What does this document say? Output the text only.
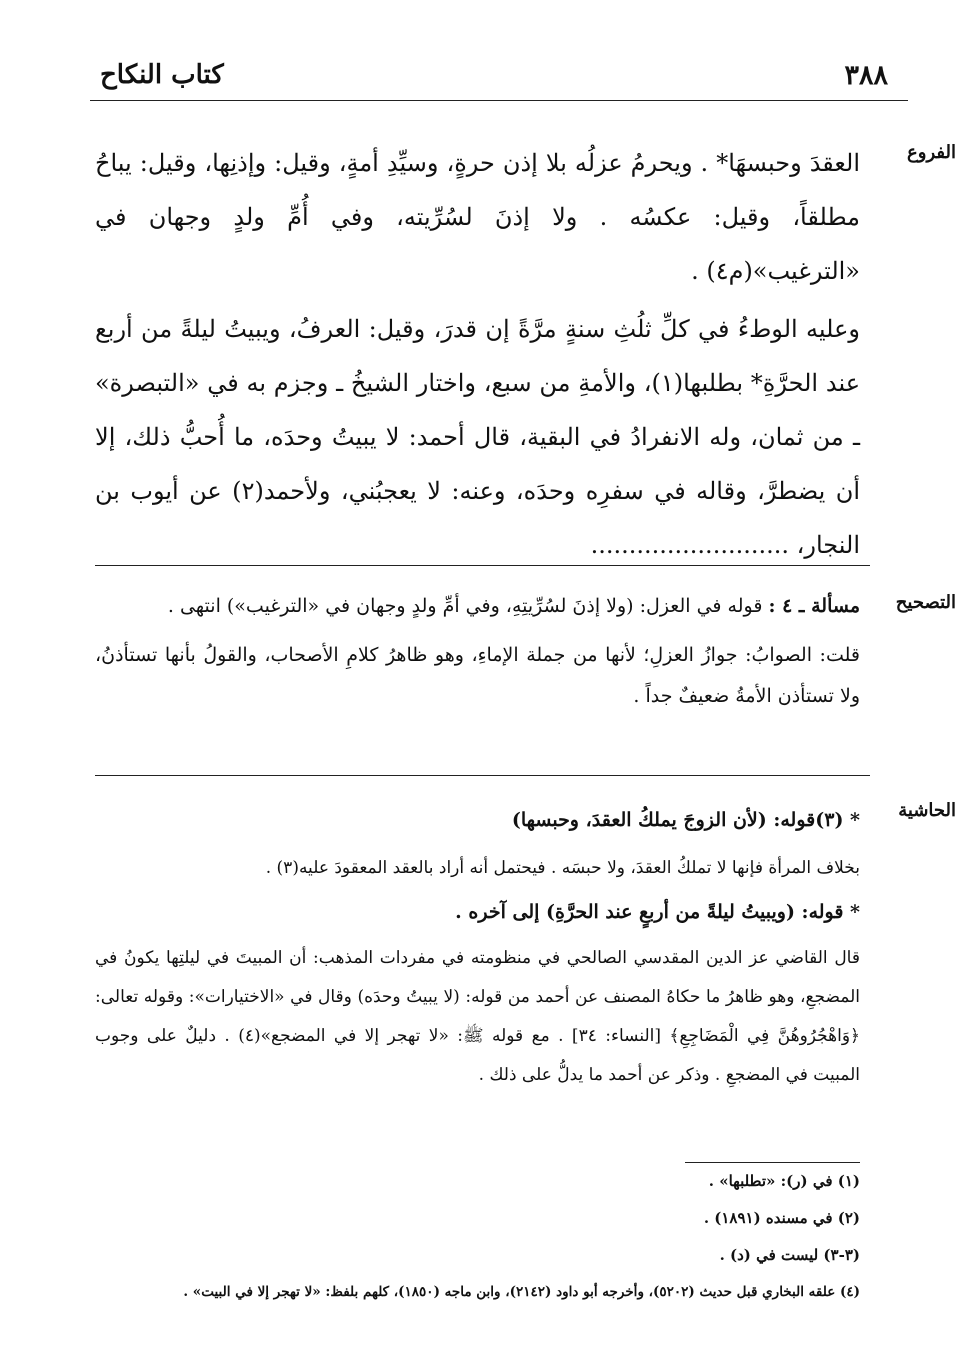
٣٨٨
كتاب النكاح
الفروع

العقدَ وحبسهَا* . ويحرمُ عزلُه بلا إذن حرةٍ، وسيِّدِ أمةٍ، وقيل: وإذنِها، وقيل: يباحُ مطلقاً، وقيل: عكسُه . ولا إذنَ لسُرِّيته، وفي أُمِّ ولدٍ وجهان في «الترغيب»(م٤) .

وعليه الوطءُ في كلِّ ثلُثِ سنةٍ مرَّةً إن قدرَ، وقيل: العرفُ، ويبيتُ ليلةً من أربع عند الحرَّةِ* بطلبها(١)، والأمةِ من سبع، واختار الشيخُ ـ وجزم به في «التبصرة» ـ من ثمان، وله الانفرادُ في البقية، قال أحمد: لا يبيتُ وحدَه، ما أُحبُّ ذلك، إلا أن يضطرَّ، وقاله في سفرِه وحدَه، وعنه: لا يعجبُني، ولأحمد(٢) عن أيوب بن النجار، ..........................

التصحيح

مسألة ـ ٤ : قوله في العزل: (ولا إذنَ لسُرِّيتِهِ، وفي أمِّ ولدٍ وجهان في «الترغيب») انتهى .

قلت: الصوابُ: جوازُ العزلِ؛ لأنها من جملة الإماءِ، وهو ظاهرُ كلامِ الأصحاب، والقولُ بأنها تستأذنُ، ولا تستأذن الأمةُ ضعيفٌ جداً .

الحاشية

* (٣)قوله: (لأن الزوجَ يملكُ العقدَ، وحبسها)

بخلاف المرأة فإنها لا تملكُ العقدَ، ولا حبسَه . فيحتمل أنه أراد بالعقد المعقودَ عليه(٣) .

* قوله: (ويبيتُ ليلةً من أربعٍ عند الحرَّةِ) إلى آخره .

قال القاضي عز الدين المقدسي الصالحي في منظومته في مفردات المذهب: أن المبيتَ في ليلتِها يكونُ في المضجعِ، وهو ظاهرُ ما حكاهُ المصنف عن أحمد من قوله: (لا يبيتُ وحدَه) وقال في «الاختيارات»: وقوله تعالى: ﴿وَاهْجُرُوهُنَّ فِي الْمَضَاجِعِ﴾ [النساء: ٣٤] . مع قوله ﷺ: «لا تهجر إلا في المضجع»(٤) . دليلٌ على وجوب المبيت في المضجعِ . وذكر عن أحمد ما يدلُّ على ذلك .

(١) في (ر): «تطلبها» .

(٢) في مسنده (١٨٩١) .

(٣-٣) ليست في (د) .

(٤) علقه البخاري قبل حديث (٥٢٠٢)، وأخرجه أبو داود (٢١٤٢)، وابن ماجه (١٨٥٠)، كلهم بلفظ: «لا تهجر إلا في البيت» .
